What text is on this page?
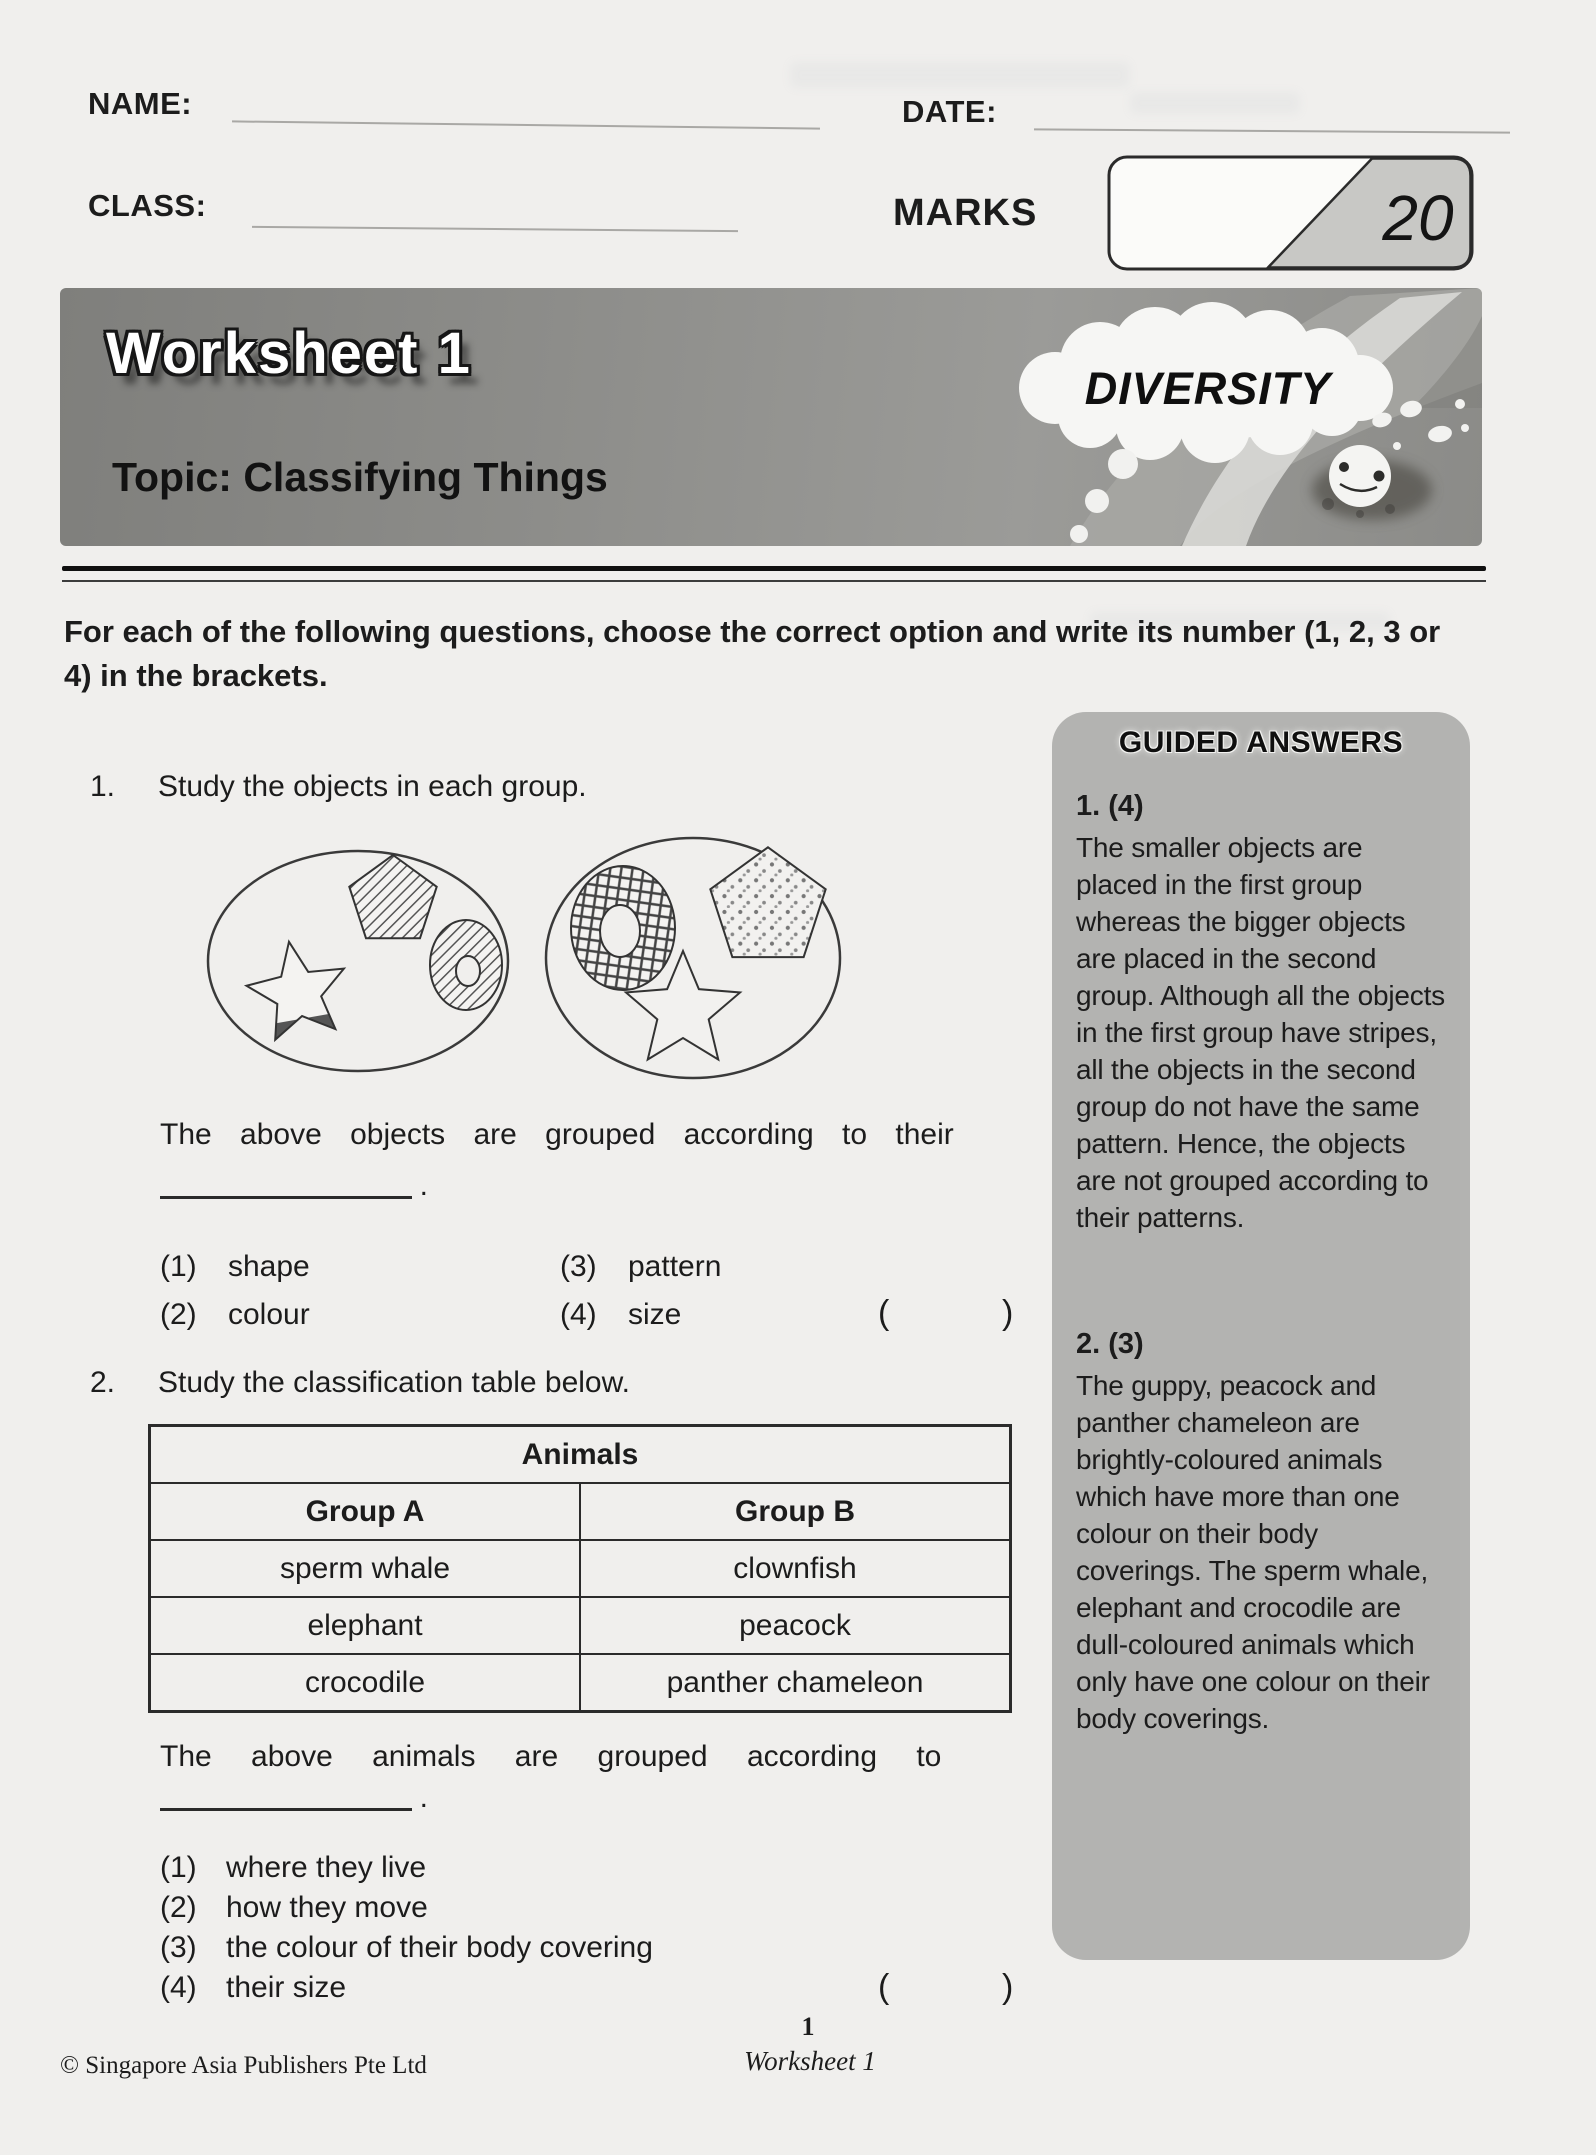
NAME:	DATE:
CLASS:	MARKS	20
DIVERSITY
Worksheet 1
Topic: Classifying Things
For each of the following questions, choose the correct option and write its number (1, 2, 3 or 4) in the brackets.
1. Study the objects in each group.
The above objects are grouped according to their
.
(1) shape	(3) pattern
(2) colour	(4) size	(	)
2. Study the classification table below.
Animals	
Group A	Group B
sperm whale	clownfish
elephant	peacock
crocodile	panther chameleon
The above animals are grouped according to
.
(1) where they live
(2) how they move
(3) the colour of their body covering
(4) their size	(	)
GUIDED ANSWERS
1. (4)
The smaller objects are placed in the first group whereas the bigger objects are placed in the second group. Although all the objects in the first group have stripes, all the objects in the second group do not have the same pattern. Hence, the objects are not grouped according to their patterns.
2. (3)
The guppy, peacock and panther chameleon are brightly-coloured animals which have more than one colour on their body coverings. The sperm whale, elephant and crocodile are dull-coloured animals which only have one colour on their body coverings.
1
Worksheet 1
© Singapore Asia Publishers Pte Ltd
